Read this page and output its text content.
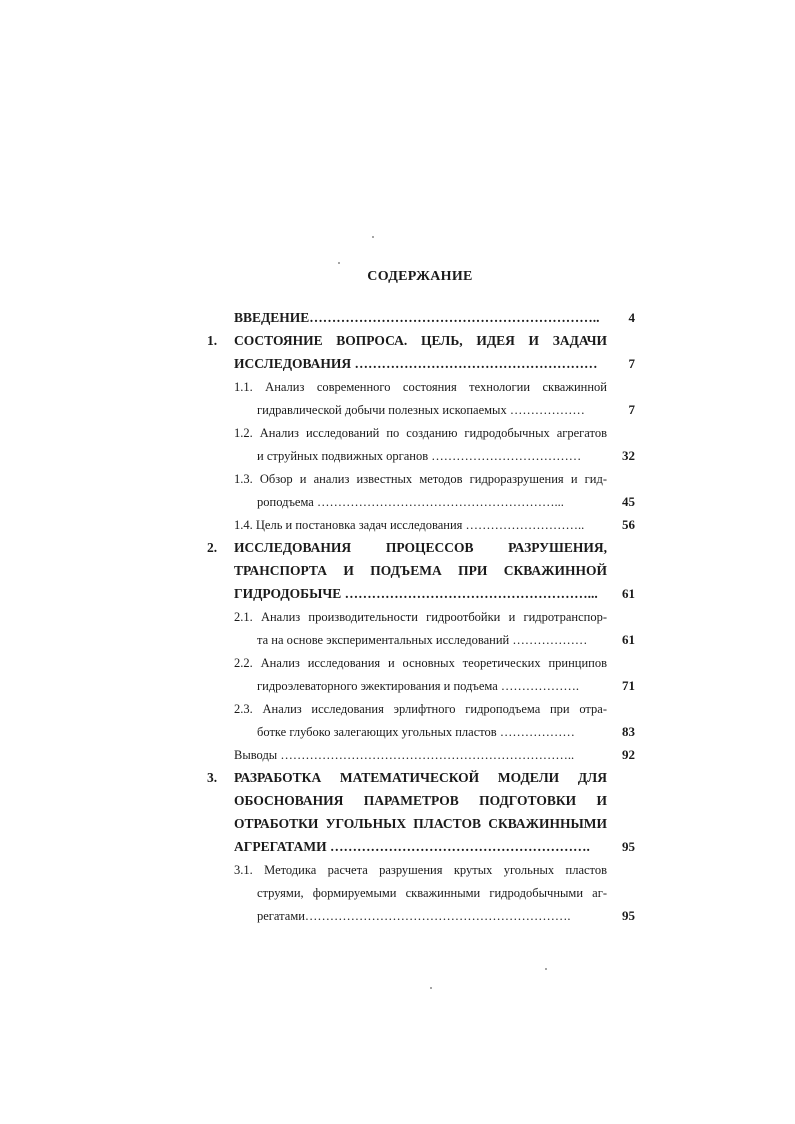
СОДЕРЖАНИЕ
ВВЕДЕНИЕ………………………………………………………..	4
1. СОСТОЯНИЕ ВОПРОСА. ЦЕЛЬ, ИДЕЯ И ЗАДАЧИ
ИССЛЕДОВАНИЯ ………………………………………………	7
1.1. Анализ современного состояния технологии скважинной
гидравлической добычи полезных ископаемых ………………	7
1.2. Анализ исследований по созданию гидродобычных агрегатов
и струйных подвижных органов ………………………………	32
1.3. Обзор и анализ известных методов гидроразрушения и гид-
роподъема …………………………………………………...	45
1.4. Цель и постановка задач исследования ………………………..	56
2. ИССЛЕДОВАНИЯ ПРОЦЕССОВ РАЗРУШЕНИЯ,
ТРАНСПОРТА И ПОДЪЕМА ПРИ СКВАЖИННОЙ
ГИДРОДОБЫЧЕ ………………………………………………...	61
2.1. Анализ производительности гидроотбойки и гидротранспор-
та на основе экспериментальных исследований ………………	61
2.2. Анализ исследования и основных теоретических принципов
гидроэлеваторного эжектирования и подъема ……………….	71
2.3. Анализ исследования эрлифтного гидроподъема при отра-
ботке глубоко залегающих угольных пластов ………………	83
Выводы ……………………………………………………………..	92
3. РАЗРАБОТКА МАТЕМАТИЧЕСКОЙ МОДЕЛИ ДЛЯ
ОБОСНОВАНИЯ ПАРАМЕТРОВ ПОДГОТОВКИ И
ОТРАБОТКИ УГОЛЬНЫХ ПЛАСТОВ СКВАЖИННЫМИ
АГРЕГАТАМИ ………………………………………………….	95
3.1. Методика расчета разрушения крутых угольных пластов
струями, формируемыми скважинными гидродобычными аг-
регатами……………………………………………………….	95
